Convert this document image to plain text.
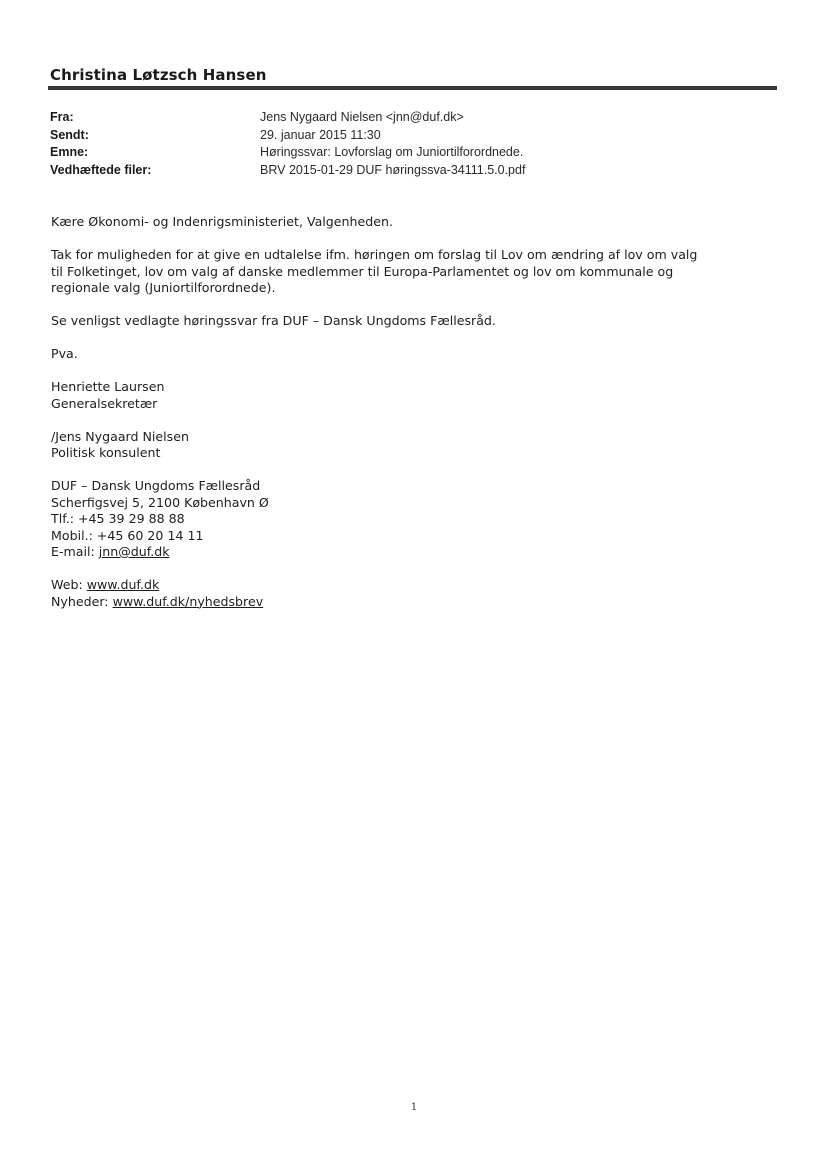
Christina Løtzsch Hansen
Fra:	Jens Nygaard Nielsen <jnn@duf.dk>
Sendt:	29. januar 2015 11:30
Emne:	Høringssvar: Lovforslag om Juniortilforordnede.
Vedhæftede filer:	BRV 2015-01-29 DUF høringssva-34111.5.0.pdf

Kære Økonomi- og Indenrigsministeriet, Valgenheden.

Tak for muligheden for at give en udtalelse ifm. høringen om forslag til Lov om ændring af lov om valg
til Folketinget, lov om valg af danske medlemmer til Europa-Parlamentet og lov om kommunale og
regionale valg (Juniortilforordnede).

Se venligst vedlagte høringssvar fra DUF – Dansk Ungdoms Fællesråd.

Pva.

Henriette Laursen
Generalsekretær

/Jens Nygaard Nielsen
Politisk konsulent

DUF – Dansk Ungdoms Fællesråd
Scherfigsvej 5, 2100 København Ø
Tlf.: +45 39 29 88 88
Mobil.: +45 60 20 14 11
E-mail: jnn@duf.dk

Web: www.duf.dk
Nyheder: www.duf.dk/nyhedsbrev

1
